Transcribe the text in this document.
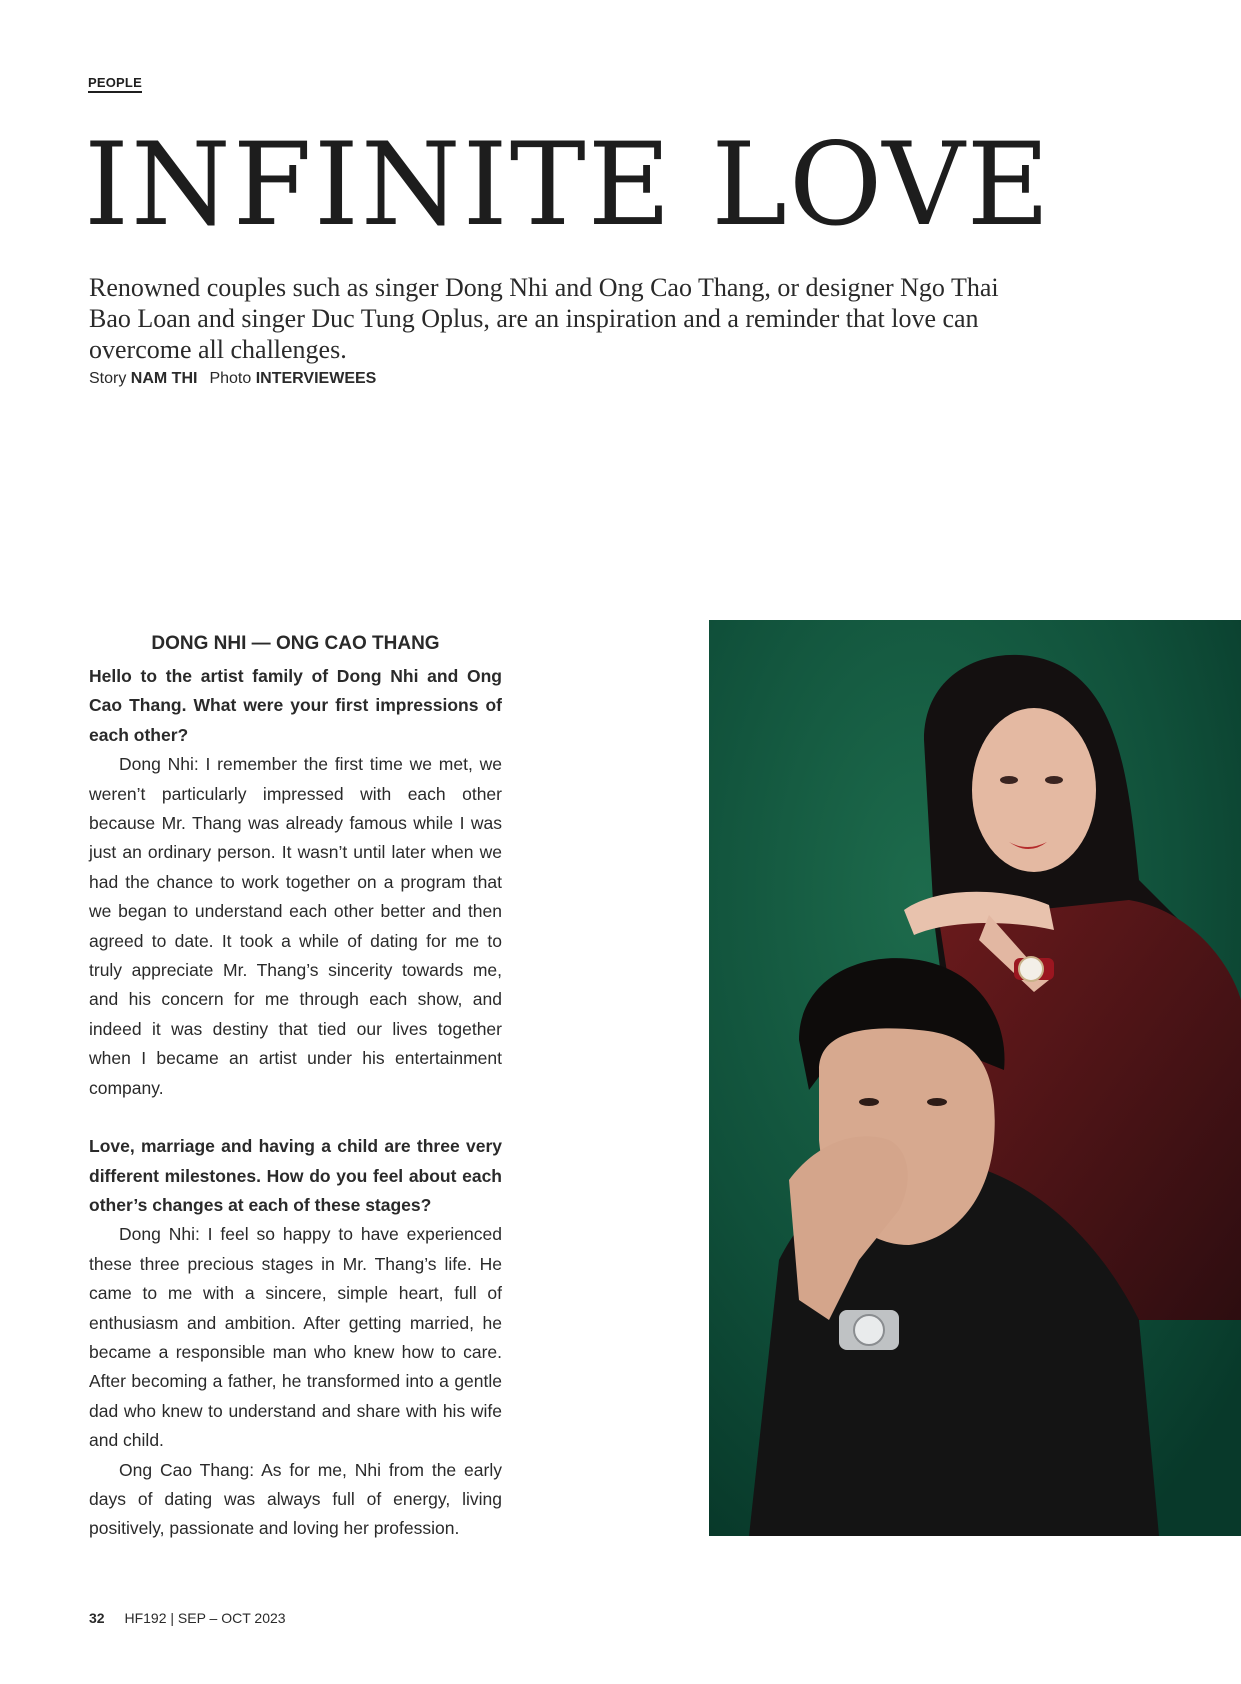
PEOPLE
INFINITE LOVE

Renowned couples such as singer Dong Nhi and Ong Cao Thang, or designer Ngo Thai Bao Loan and singer Duc Tung Oplus, are an inspiration and a reminder that love can overcome all challenges.

Story NAM THI Photo INTERVIEWEES
DONG NHI — ONG CAO THANG

Hello to the artist family of Dong Nhi and Ong Cao Thang. What were your first impressions of each other?

Dong Nhi: I remember the first time we met, we weren’t particularly impressed with each other because Mr. Thang was already famous while I was just an ordinary person. It wasn’t until later when we had the chance to work together on a program that we began to understand each other better and then agreed to date. It took a while of dating for me to truly appreciate Mr. Thang’s sincerity towards me, and his concern for me through each show, and indeed it was destiny that tied our lives together when I became an artist under his entertainment company.

Love, marriage and having a child are three very different milestones. How do you feel about each other’s changes at each of these stages?

Dong Nhi: I feel so happy to have experienced these three precious stages in Mr. Thang’s life. He came to me with a sincere, simple heart, full of enthusiasm and ambition. After getting married, he became a responsible man who knew how to care. After becoming a father, he transformed into a gentle dad who knew to understand and share with his wife and child.

Ong Cao Thang: As for me, Nhi from the early days of dating was always full of energy, living positively, passionate and loving her profession.

32 HF192 | SEP – OCT 2023
